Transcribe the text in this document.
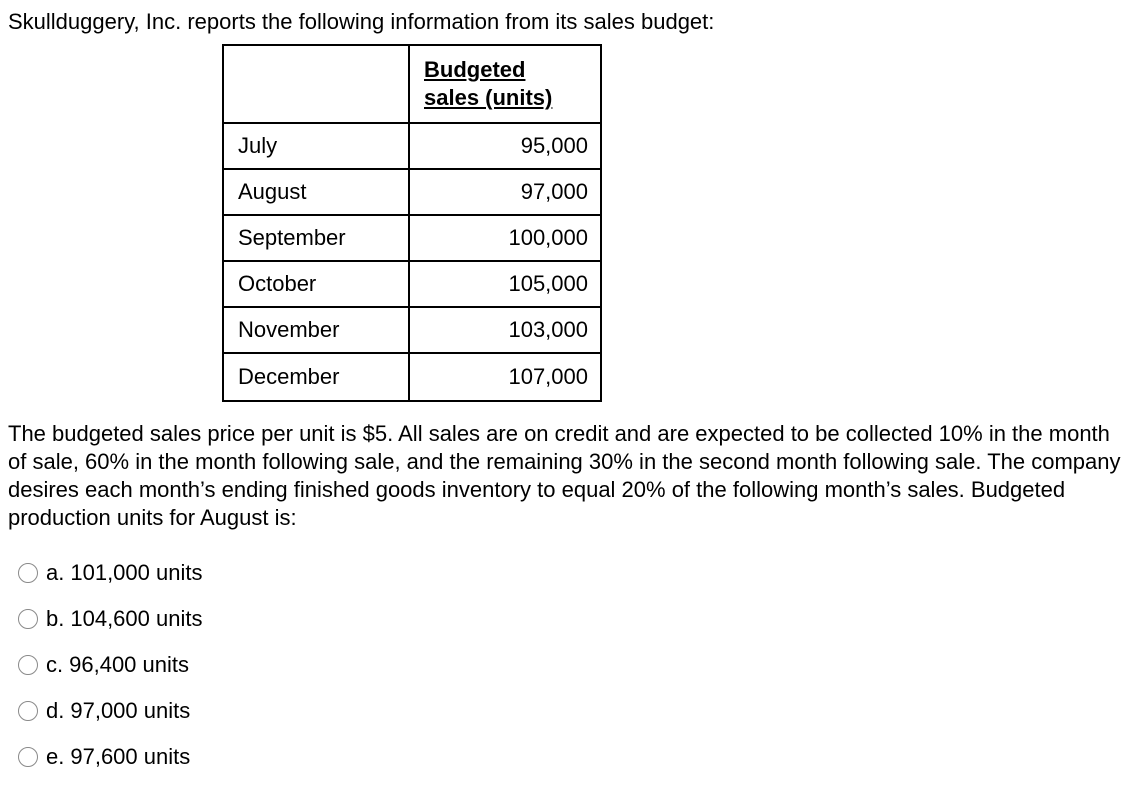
Skullduggery, Inc. reports the following information from its sales budget:

	Budgeted
sales (units)

July	95,000
August	97,000
September	100,000
October	105,000
November	103,000
December	107,000

The budgeted sales price per unit is $5. All sales are on credit and are expected to be collected 10% in the month of sale, 60% in the month following sale, and the remaining 30% in the second month following sale. The company desires each month’s ending finished goods inventory to equal 20% of the following month’s sales. Budgeted production units for August is:

a. 101,000 units
b. 104,600 units
c. 96,400 units
d. 97,000 units
e. 97,600 units
